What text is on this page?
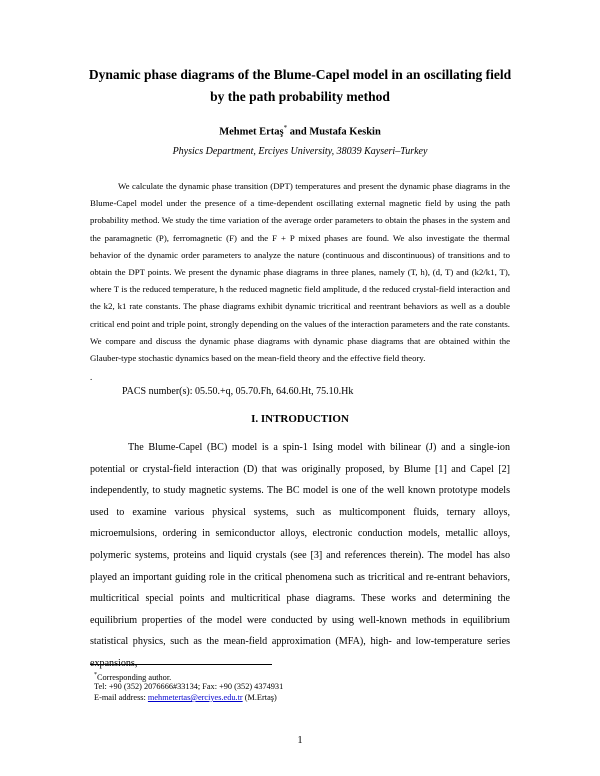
Dynamic phase diagrams of the Blume-Capel model in an oscillating field
by the path probability method
Mehmet Ertaş* and Mustafa Keskin
Physics Department, Erciyes University, 38039 Kayseri–Turkey

We calculate the dynamic phase transition (DPT) temperatures and present the dynamic phase diagrams in the Blume-Capel model under the presence of a time-dependent oscillating external magnetic field by using the path probability method. We study the time variation of the average order parameters to obtain the phases in the system and the paramagnetic (P), ferromagnetic (F) and the F + P mixed phases are found. We also investigate the thermal behavior of the dynamic order parameters to analyze the nature (continuous and discontinuous) of transitions and to obtain the DPT points. We present the dynamic phase diagrams in three planes, namely (T, h), (d, T) and (k2/k1, T), where T is the reduced temperature, h the reduced magnetic field amplitude, d the reduced crystal-field interaction and the k2, k1 rate constants. The phase diagrams exhibit dynamic tricritical and reentrant behaviors as well as a double critical end point and triple point, strongly depending on the values of the interaction parameters and the rate constants. We compare and discuss the dynamic phase diagrams with dynamic phase diagrams that are obtained within the Glauber-type stochastic dynamics based on the mean-field theory and the effective field theory.

.
PACS number(s): 05.50.+q, 05.70.Fh, 64.60.Ht, 75.10.Hk
I. INTRODUCTION

The Blume-Capel (BC) model is a spin-1 Ising model with bilinear (J) and a single-ion potential or crystal-field interaction (D) that was originally proposed, by Blume [1] and Capel [2] independently, to study magnetic systems. The BC model is one of the well known prototype models used to examine various physical systems, such as multicomponent fluids, ternary alloys, microemulsions, ordering in semiconductor alloys, electronic conduction models, metallic alloys, polymeric systems, proteins and liquid crystals (see [3] and references therein). The model has also played an important guiding role in the critical phenomena such as tricritical and re-entrant behaviors, multicritical special points and multicritical phase diagrams. These works and determining the equilibrium properties of the model were conducted by using well-known methods in equilibrium statistical physics, such as the mean-field approximation (MFA), high- and low-temperature series expansions,

*Corresponding author.
Tel: +90 (352) 2076666#33134; Fax: +90 (352) 4374931
E-mail address: mehmetertas@erciyes.edu.tr (M.Ertaş)
1
